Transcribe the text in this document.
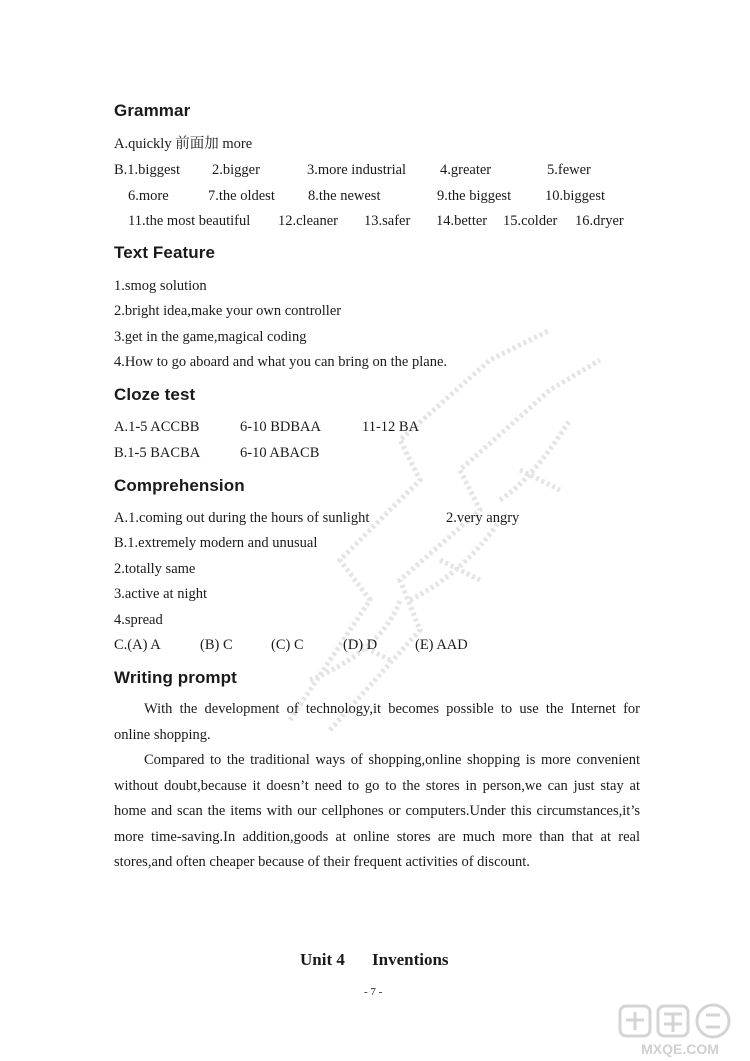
Grammar
A.quickly 前面加 more
B.1.biggest 2.bigger	3.more industrial 4.greater	5.fewer
6.more	7.the oldest 8.the newest	9.the biggest 10.biggest
11.the most beautiful 12.cleaner 13.safer 14.better 15.colder 16.dryer
Text Feature
1.smog solution
2.bright idea,make your own controller
3.get in the game,magical coding
4.How to go aboard and what you can bring on the plane.
Cloze test
A.1-5 ACCBB	6-10 BDBAA	11-12 BA
B.1-5 BACBA	6-10 ABACB
Comprehension
A.1.coming out during the hours of sunlight	2.very angry
B.1.extremely modern and unusual
2.totally same
3.active at night
4.spread
C.(A) A	(B) C	(C) C	(D) D	(E) AAD
Writing prompt
With the development of technology,it becomes possible to use the Internet for online shopping.
Compared to the traditional ways of shopping,online shopping is more convenient without doubt,because it doesn’t need to go to the stores in person,we can just stay at home and scan the items with our cellphones or computers.Under this circumstances,it’s more time-saving.In addition,goods at online stores are much more than that at real stores,and often cheaper because of their frequent activities of discount.
Unit 4 Inventions
- 7 -
MXQE.COM
